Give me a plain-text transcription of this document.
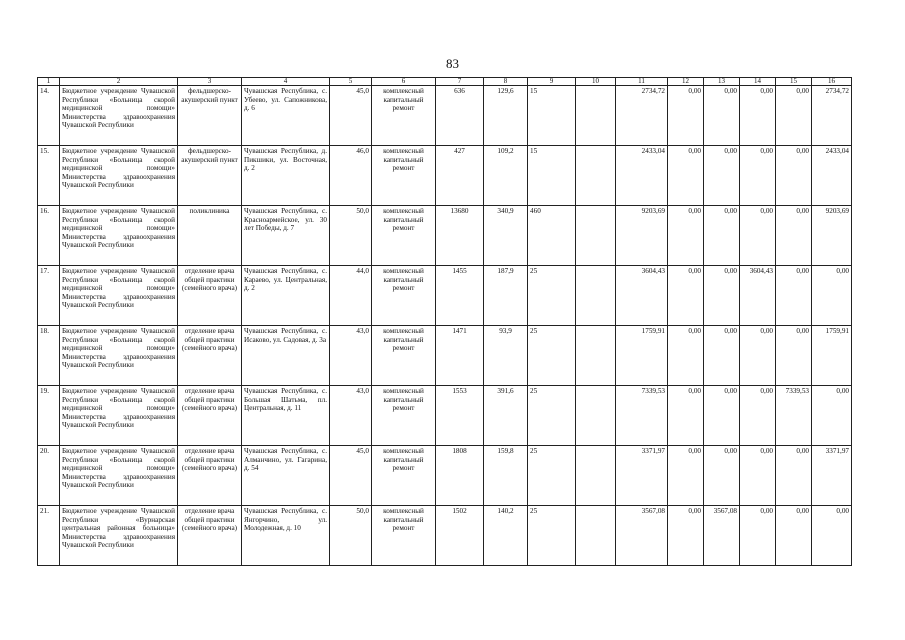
83
1	2	3	4	5	6	7	8	9	10	11	12	13	14	15	16
14.	Бюджетное учреждение Чувашской Республики «Больница скорой медицинской помощи» Министерства здравоохранения Чувашской Республики	фельдшерско-акушерский пункт	Чувашская Республика, с. Убеево, ул. Сапожникова, д. 6	45,0	комплексный капитальный ремонт	636	129,6	15		2734,72	0,00	0,00	0,00	0,00	2734,72
15.	Бюджетное учреждение Чувашской Республики «Больница скорой медицинской помощи» Министерства здравоохранения Чувашской Республики	фельдшерско-акушерский пункт	Чувашская Республика, д. Пикшики, ул. Восточная, д. 2	46,0	комплексный капитальный ремонт	427	109,2	15		2433,04	0,00	0,00	0,00	0,00	2433,04
16.	Бюджетное учреждение Чувашской Республики «Больница скорой медицинской помощи» Министерства здравоохранения Чувашской Республики	поликлиника	Чувашская Республика, с. Красноармейское, ул. 30 лет Победы, д. 7	50,0	комплексный капитальный ремонт	13680	340,9	460		9203,69	0,00	0,00	0,00	0,00	9203,69
17.	Бюджетное учреждение Чувашской Республики «Больница скорой медицинской помощи» Министерства здравоохранения Чувашской Республики	отделение врача общей практики (семейного врача)	Чувашская Республика, с. Караево, ул. Центральная, д. 2	44,0	комплексный капитальный ремонт	1455	187,9	25		3604,43	0,00	0,00	3604,43	0,00	0,00
18.	Бюджетное учреждение Чувашской Республики «Больница скорой медицинской помощи» Министерства здравоохранения Чувашской Республики	отделение врача общей практики (семейного врача)	Чувашская Республика, с. Исаково, ул. Садовая, д. 3а	43,0	комплексный капитальный ремонт	1471	93,9	25		1759,91	0,00	0,00	0,00	0,00	1759,91
19.	Бюджетное учреждение Чувашской Республики «Больница скорой медицинской помощи» Министерства здравоохранения Чувашской Республики	отделение врача общей практики (семейного врача)	Чувашская Республика, с. Большая Шатьма, пл. Центральная, д. 11	43,0	комплексный капитальный ремонт	1553	391,6	25		7339,53	0,00	0,00	0,00	7339,53	0,00
20.	Бюджетное учреждение Чувашской Республики «Больница скорой медицинской помощи» Министерства здравоохранения Чувашской Республики	отделение врача общей практики (семейного врача)	Чувашская Республика, с. Алманчино, ул. Гагарина, д. 54	45,0	комплексный капитальный ремонт	1808	159,8	25		3371,97	0,00	0,00	0,00	0,00	3371,97
21.	Бюджетное учреждение Чувашской Республики «Вурнарская центральная районная больница» Министерства здравоохранения Чувашской Республики	отделение врача общей практики (семейного врача)	Чувашская Республика, с. Янгорчино, ул. Молодежная, д. 10	50,0	комплексный капитальный ремонт	1502	140,2	25		3567,08	0,00	3567,08	0,00	0,00	0,00
